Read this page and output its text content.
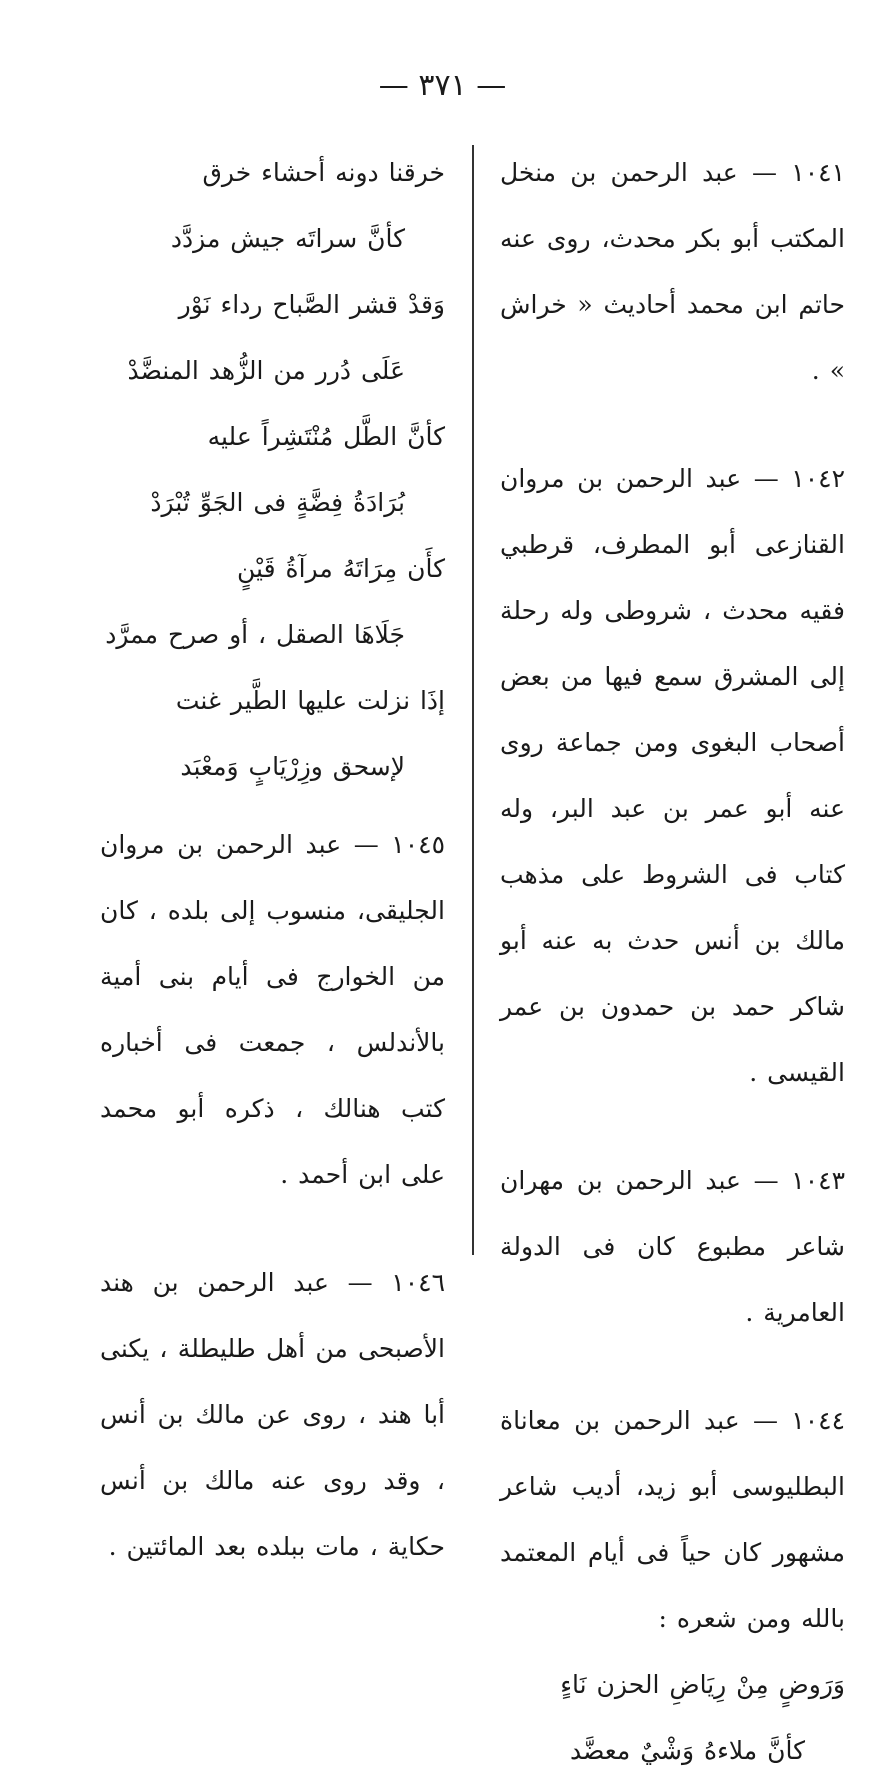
— ٣٧١ —

١٠٤١ — عبد الرحمن بن منخل المكتب أبو بكر محدث، روى عنه حاتم ابن محمد أحاديث « خراش » .

١٠٤٢ — عبد الرحمن بن مروان القنازعى أبو المطرف، قرطبي فقيه محدث ، شروطى وله رحلة إلى المشرق سمع فيها من بعض أصحاب البغوى ومن جماعة روى عنه أبو عمر بن عبد البر، وله كتاب فى الشروط على مذهب مالك بن أنس حدث به عنه أبو شاكر حمد بن حمدون بن عمر القيسى .

١٠٤٣ — عبد الرحمن بن مهران شاعر مطبوع كان فى الدولة العامرية .

١٠٤٤ — عبد الرحمن بن معاناة البطليوسى أبو زيد، أديب شاعر مشهور كان حياً فى أيام المعتمد بالله ومن شعره :

وَرَوضٍ مِنْ رِيَاضِ الحزن نَاءٍ
كأنَّ ملاءهُ وَشْيٌ معضَّد
خرقنا دونه أحشاء خرق
كأنَّ سراتَه جيش مزدَّد
وَقدْ قشر الصَّباح رداء نَوْر
عَلَى دُرر من الزُّهد المنضَّدْ
كأنَّ الطَّل مُنْتَشِراً عليه
بُرَادَةُ فِضَّةٍ فى الجَوِّ تُبْرَدْ
كأَن مِرَاتَهُ مرآةُ قَيْنٍ
جَلَاهَا الصقل ، أو صرح ممرَّد
إذَا نزلت عليها الطَّير غنت
لإسحق وزِرْيَابٍ وَمعْبَد

١٠٤٥ — عبد الرحمن بن مروان الجليقى، منسوب إلى بلده ، كان من الخوارج فى أيام بنى أمية بالأندلس ، جمعت فى أخباره كتب هنالك ، ذكره أبو محمد على ابن أحمد .

١٠٤٦ — عبد الرحمن بن هند الأصبحى من أهل طليطلة ، يكنى أبا هند ، روى عن مالك بن أنس ، وقد روى عنه مالك بن أنس حكاية ، مات ببلده بعد المائتين .
